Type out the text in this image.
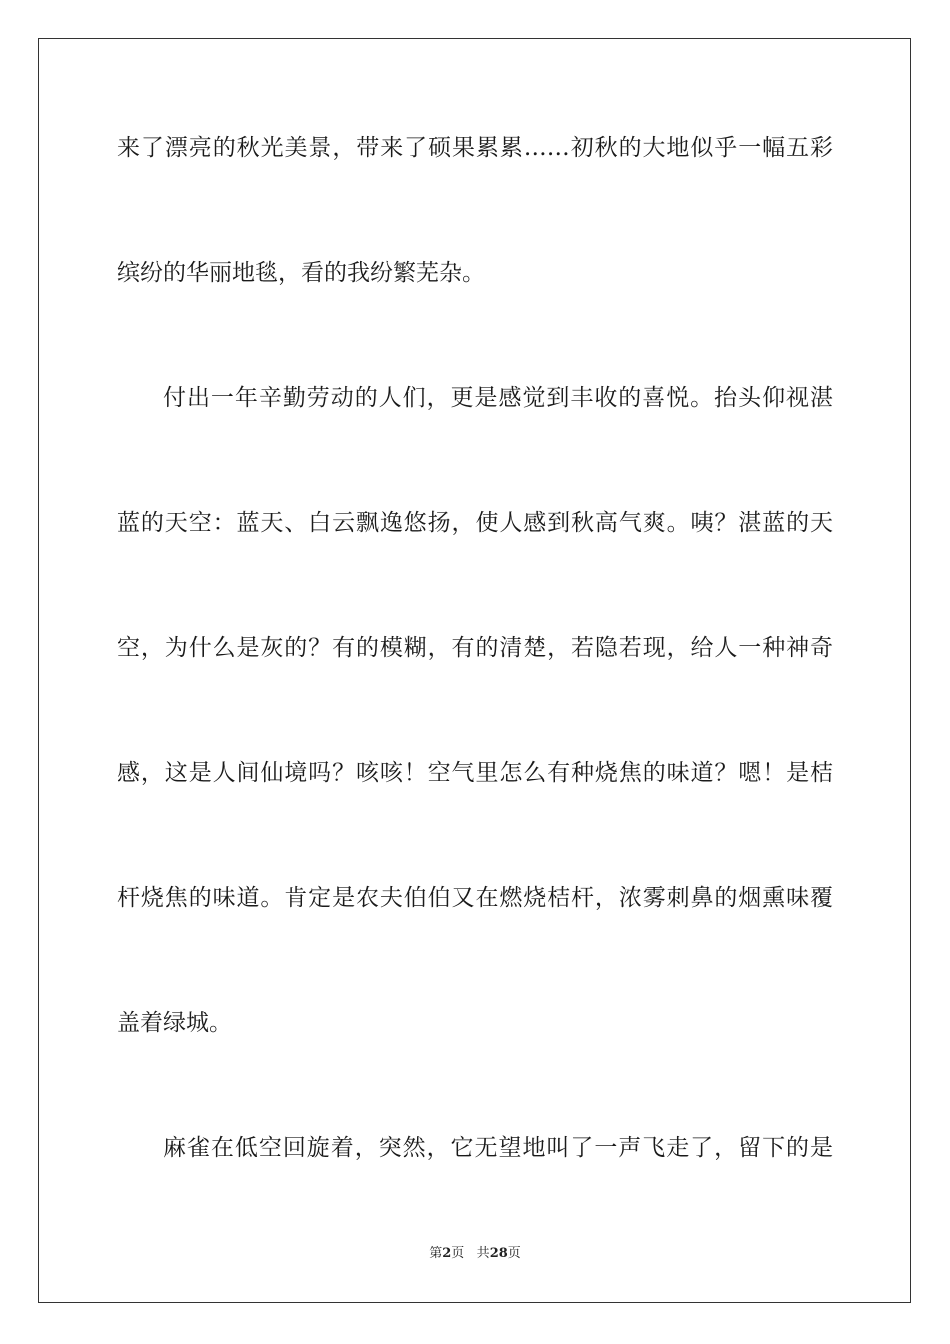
来了漂亮的秋光美景，带来了硕果累累……初秋的大地似乎一幅五彩
缤纷的华丽地毯，看的我纷繁芜杂。
付出一年辛勤劳动的人们，更是感觉到丰收的喜悦。抬头仰视湛
蓝的天空：蓝天、白云飘逸悠扬，使人感到秋高气爽。咦？湛蓝的天
空，为什么是灰的？有的模糊，有的清楚，若隐若现，给人一种神奇
感，这是人间仙境吗？咳咳！空气里怎么有种烧焦的味道？嗯！是桔
杆烧焦的味道。肯定是农夫伯伯又在燃烧桔杆，浓雾刺鼻的烟熏味覆
盖着绿城。
麻雀在低空回旋着，突然，它无望地叫了一声飞走了，留下的是
第2页 共28页
